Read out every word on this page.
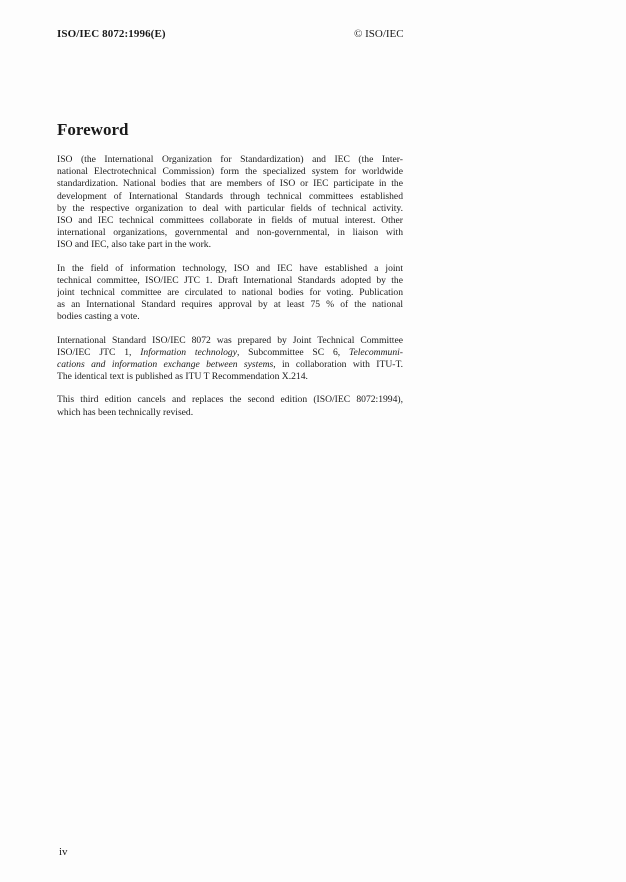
ISO/IEC 8072:1996(E)	© ISO/IEC
Foreword

ISO (the International Organization for Standardization) and IEC (the Inter-
national Electrotechnical Commission) form the specialized system for worldwide
standardization. National bodies that are members of ISO or IEC participate in the
development of International Standards through technical committees established
by the respective organization to deal with particular fields of technical activity.
ISO and IEC technical committees collaborate in fields of mutual interest. Other
international organizations, governmental and non-governmental, in liaison with
ISO and IEC, also take part in the work.

In the field of information technology, ISO and IEC have established a joint
technical committee, ISO/IEC JTC 1. Draft International Standards adopted by the
joint technical committee are circulated to national bodies for voting. Publication
as an International Standard requires approval by at least 75 % of the national
bodies casting a vote.

International Standard ISO/IEC 8072 was prepared by Joint Technical Committee
ISO/IEC JTC 1, Information technology, Subcommittee SC 6, Telecommuni-
cations and information exchange between systems, in collaboration with ITU-T.
The identical text is published as ITU T Recommendation X.214.

This third edition cancels and replaces the second edition (ISO/IEC 8072:1994),
which has been technically revised.

iv
